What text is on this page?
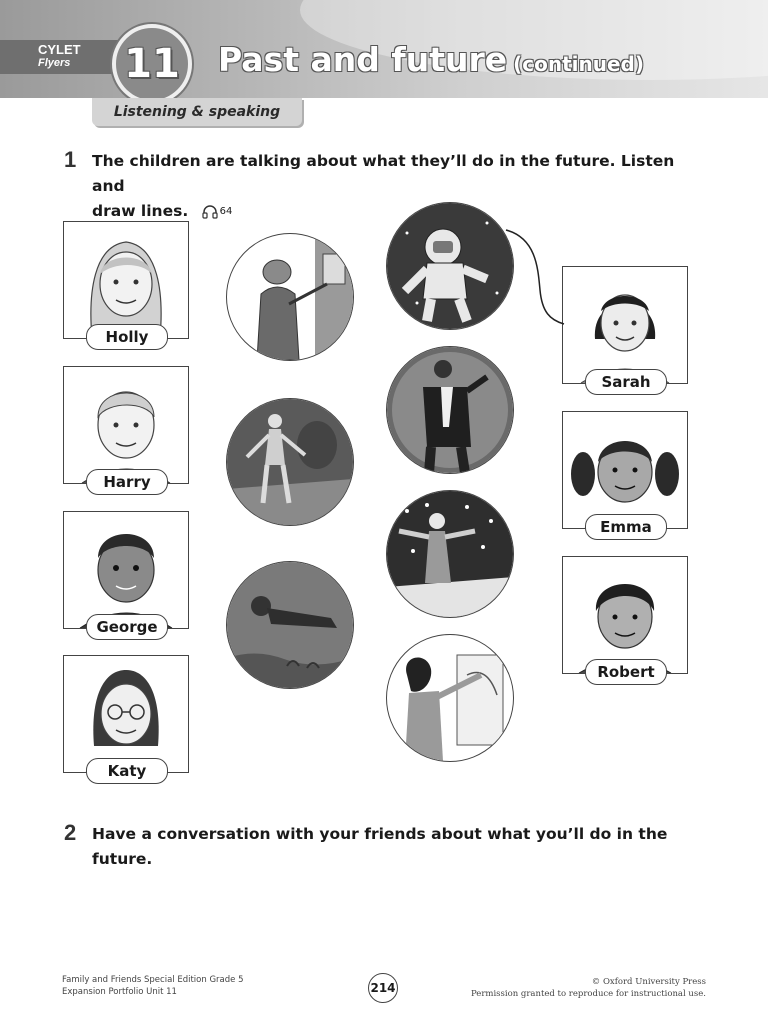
CYLET
Flyers 11 Past and future (continued)
Listening & speaking
1 The children are talking about what they’ll do in the future. Listen and
draw lines.	64
Holly
Harry
George
Katy
Sarah
Emma
Robert
2 Have a conversation with your friends about what you’ll do in the future.
Family and Friends Special Edition Grade 5
Expansion Portfolio Unit 11	214	© Oxford University Press
Permission granted to reproduce for instructional use.
